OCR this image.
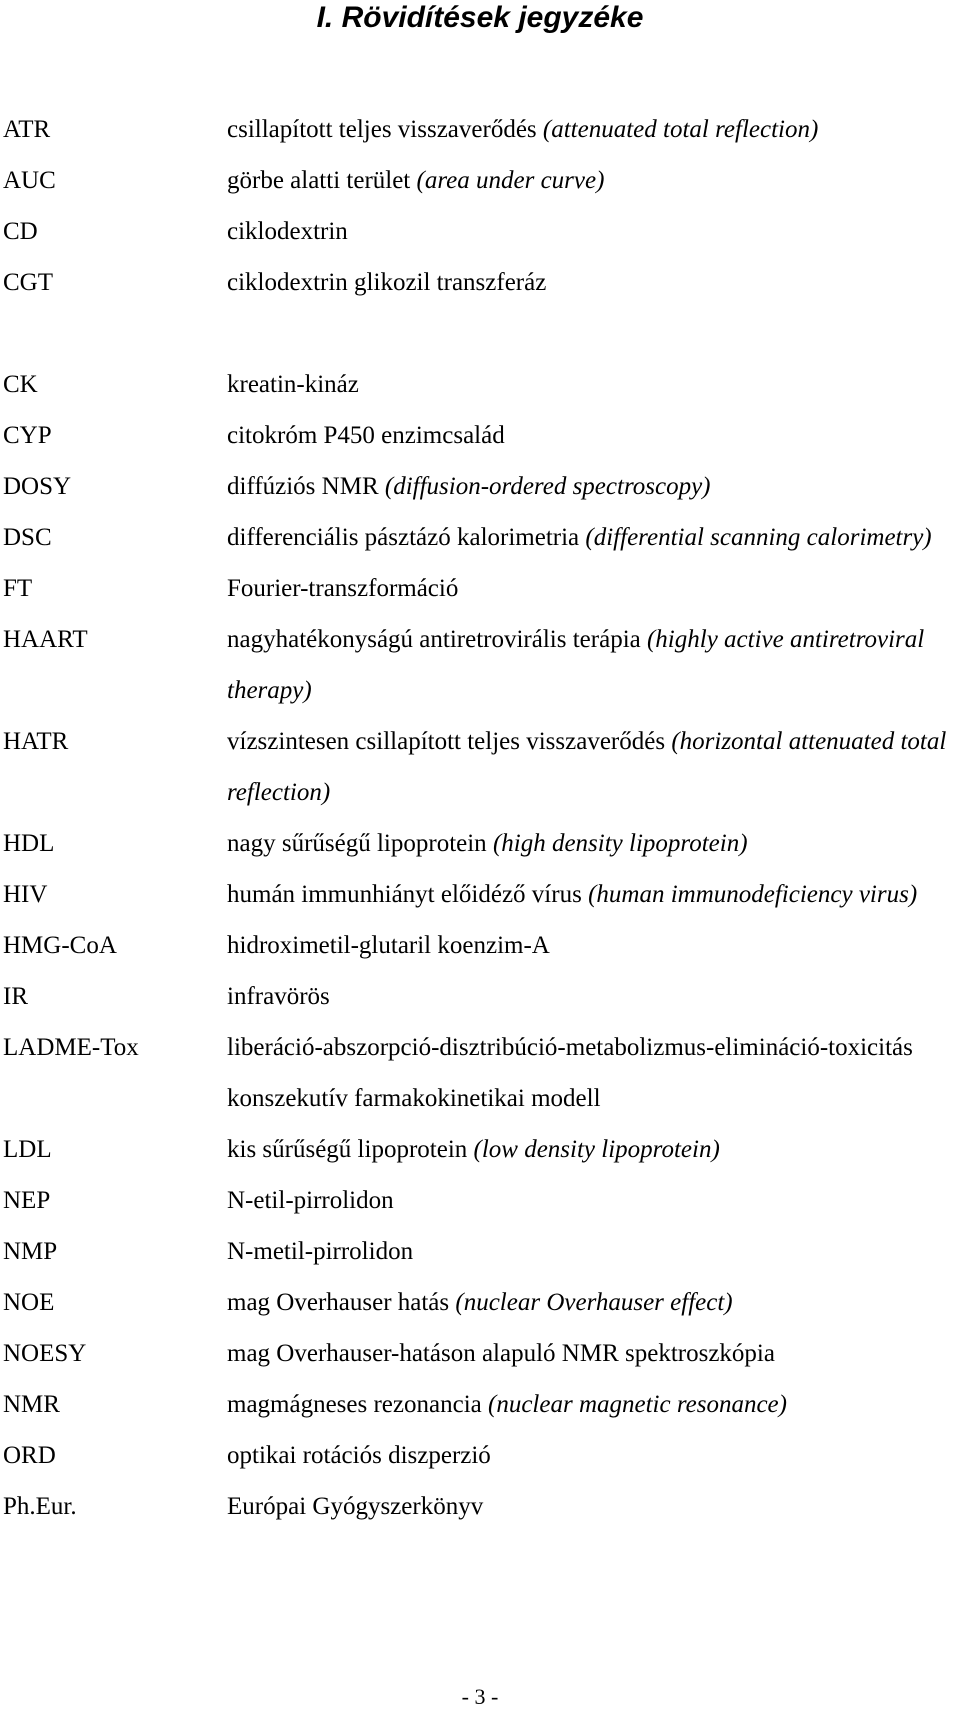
I. Rövidítések jegyzéke
ATR	csillapított teljes visszaverődés (attenuated total reflection)
AUC	görbe alatti terület (area under curve)
CD	ciklodextrin
CGT	ciklodextrin glikozil transzferáz
CK	kreatin-kináz
CYP	citokróm P450 enzimcsalád
DOSY	diffúziós NMR (diffusion-ordered spectroscopy)
DSC	differenciális pásztázó kalorimetria (differential scanning calorimetry)
FT	Fourier-transzformáció
HAART	nagyhatékonyságú antiretrovirális terápia (highly active antiretroviral therapy)
HATR	vízszintesen csillapított teljes visszaverődés (horizontal attenuated total reflection)
HDL	nagy sűrűségű lipoprotein (high density lipoprotein)
HIV	humán immunhiányt előidéző vírus (human immunodeficiency virus)
HMG-CoA	hidroximetil-glutaril koenzim-A
IR	infravörös
LADME-Tox	liberáció-abszorpció-disztribúció-metabolizmus-elimináció-toxicitás konszekutív farmakokinetikai modell
LDL	kis sűrűségű lipoprotein (low density lipoprotein)
NEP	N-etil-pirrolidon
NMP	N-metil-pirrolidon
NOE	mag Overhauser hatás (nuclear Overhauser effect)
NOESY	mag Overhauser-hatáson alapuló NMR spektroszkópia
NMR	magmágneses rezonancia (nuclear magnetic resonance)
ORD	optikai rotációs diszperzió
Ph.Eur.	Európai Gyógyszerkönyv
- 3 -
